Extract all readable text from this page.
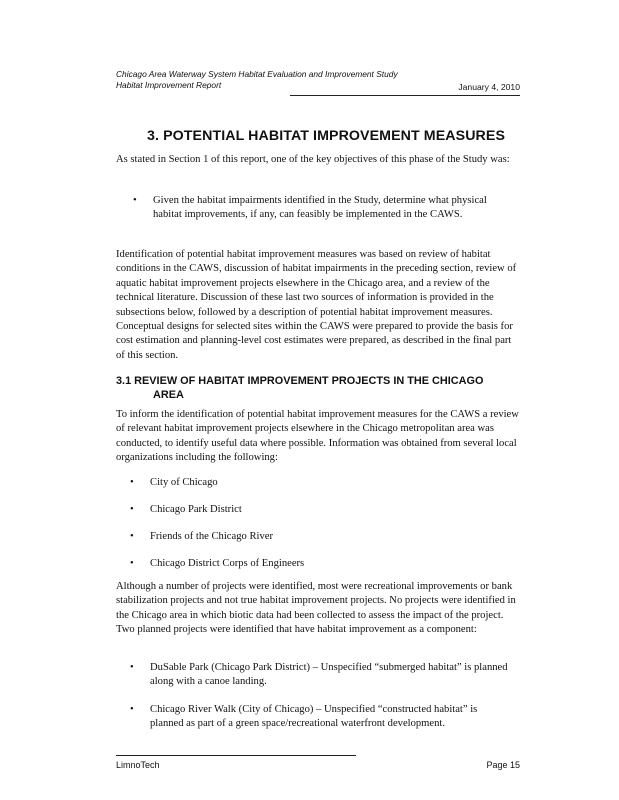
Chicago Area Waterway System Habitat Evaluation and Improvement Study
Habitat Improvement Report	January 4, 2010
3. POTENTIAL HABITAT IMPROVEMENT MEASURES

As stated in Section 1 of this report, one of the key objectives of this phase of the Study was:

•	Given the habitat impairments identified in the Study, determine what physical habitat improvements, if any, can feasibly be implemented in the CAWS.

Identification of potential habitat improvement measures was based on review of habitat conditions in the CAWS, discussion of habitat impairments in the preceding section, review of aquatic habitat improvement projects elsewhere in the Chicago area, and a review of the technical literature. Discussion of these last two sources of information is provided in the subsections below, followed by a description of potential habitat improvement measures. Conceptual designs for selected sites within the CAWS were prepared to provide the basis for cost estimation and planning-level cost estimates were prepared, as described in the final part of this section.

3.1 REVIEW OF HABITAT IMPROVEMENT PROJECTS IN THE CHICAGO
AREA

To inform the identification of potential habitat improvement measures for the CAWS a review of relevant habitat improvement projects elsewhere in the Chicago metropolitan area was conducted, to identify useful data where possible. Information was obtained from several local organizations including the following:

•	City of Chicago
•	Chicago Park District
•	Friends of the Chicago River
•	Chicago District Corps of Engineers

Although a number of projects were identified, most were recreational improvements or bank stabilization projects and not true habitat improvement projects. No projects were identified in the Chicago area in which biotic data had been collected to assess the impact of the project. Two planned projects were identified that have habitat improvement as a component:

•	DuSable Park (Chicago Park District) – Unspecified “submerged habitat” is planned along with a canoe landing.
•	Chicago River Walk (City of Chicago) – Unspecified “constructed habitat” is planned as part of a green space/recreational waterfront development.
LimnoTech	Page 15
